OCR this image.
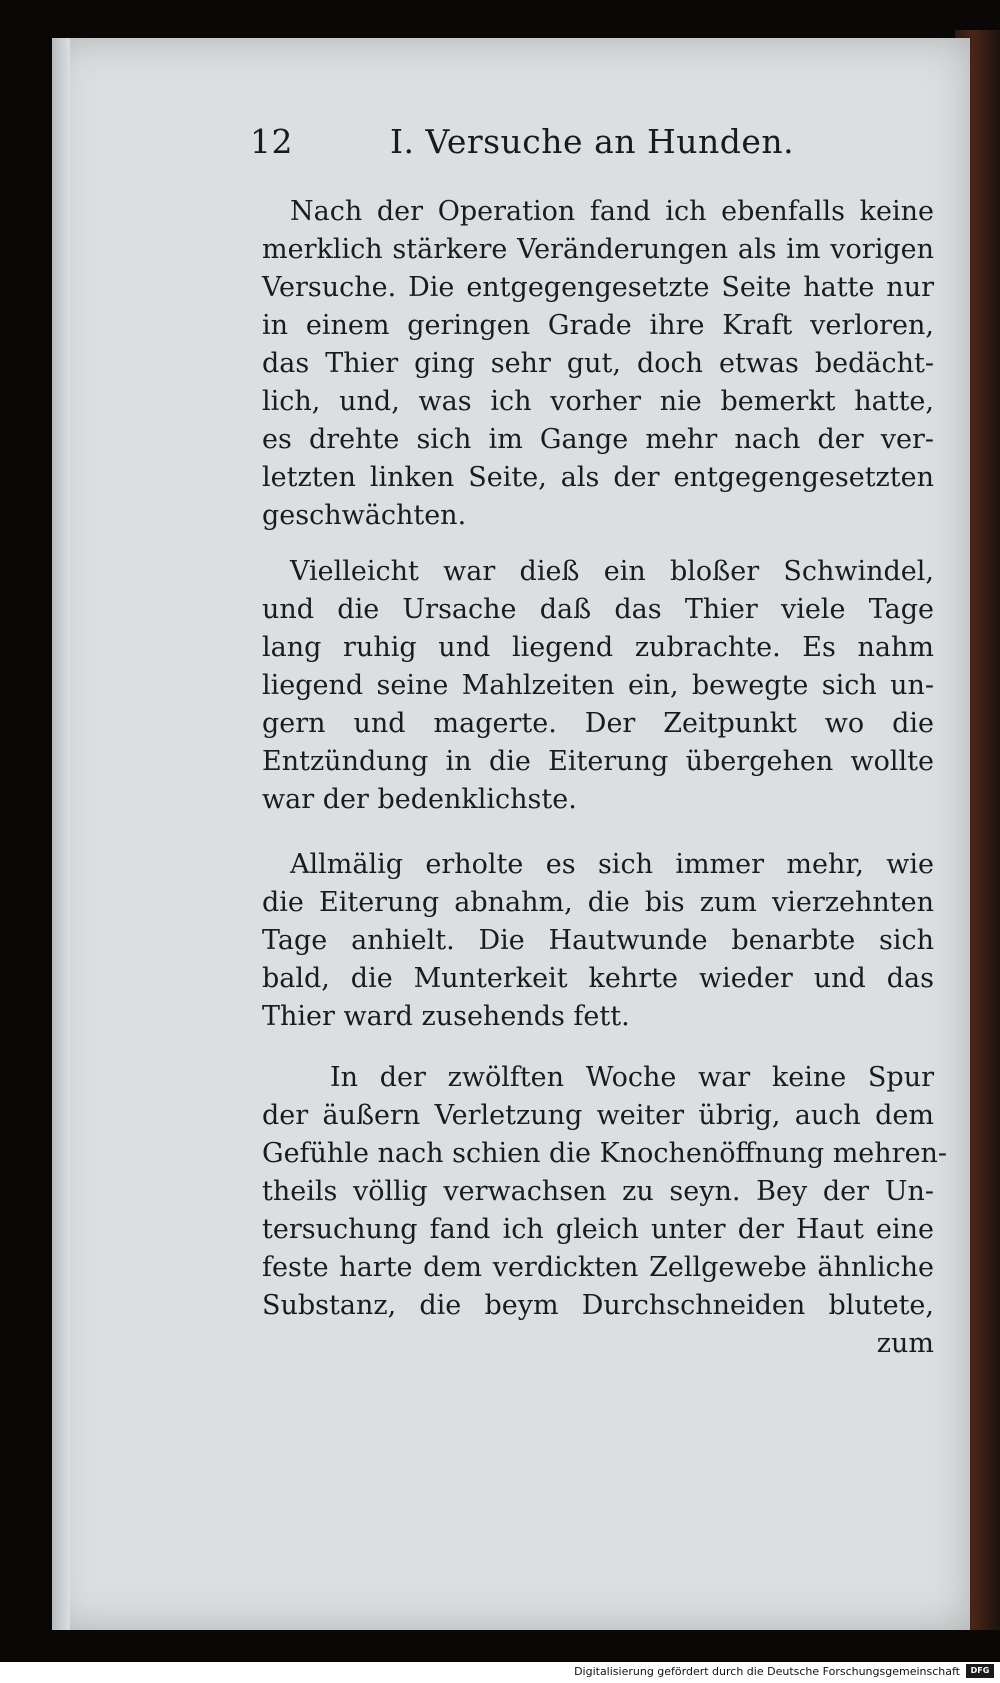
12	I. Versuche an Hunden.
Nach der Operation fand ich ebenfalls keine
merklich stärkere Veränderungen als im vorigen
Versuche. Die entgegengesetzte Seite hatte nur
in einem geringen Grade ihre Kraft verloren,
das Thier ging sehr gut, doch etwas bedächt-
lich, und, was ich vorher nie bemerkt hatte,
es drehte sich im Gange mehr nach der ver-
letzten linken Seite, als der entgegengesetzten
geschwächten.
Vielleicht war dieß ein bloßer Schwindel,
und die Ursache daß das Thier viele Tage
lang ruhig und liegend zubrachte. Es nahm
liegend seine Mahlzeiten ein, bewegte sich un-
gern und magerte. Der Zeitpunkt wo die
Entzündung in die Eiterung übergehen wollte
war der bedenklichste.
Allmälig erholte es sich immer mehr, wie
die Eiterung abnahm, die bis zum vierzehnten
Tage anhielt. Die Hautwunde benarbte sich
bald, die Munterkeit kehrte wieder und das
Thier ward zusehends fett.
In der zwölften Woche war keine Spur
der äußern Verletzung weiter übrig, auch dem
Gefühle nach schien die Knochenöffnung mehren-
theils völlig verwachsen zu seyn. Bey der Un-
tersuchung fand ich gleich unter der Haut eine
feste harte dem verdickten Zellgewebe ähnliche
Substanz, die beym Durchschneiden blutete,
zum
Digitalisierung gefördert durch die Deutsche Forschungsgemeinschaft	DFG
